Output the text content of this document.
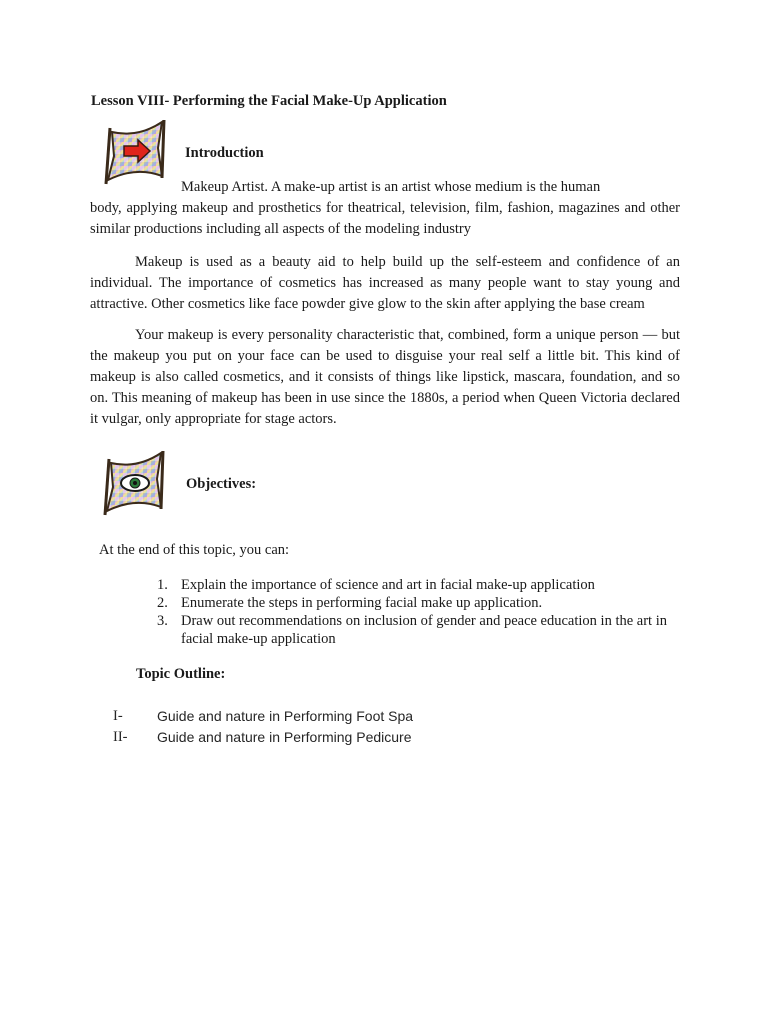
Lesson VIII- Performing the Facial Make-Up Application
Introduction
Makeup Artist. A make-up artist is an artist whose medium is the human
body, applying makeup and prosthetics for theatrical, television, film, fashion, magazines and other similar productions including all aspects of the modeling industry
Makeup is used as a beauty aid to help build up the self-esteem and confidence of an individual. The importance of cosmetics has increased as many people want to stay young and attractive. Other cosmetics like face powder give glow to the skin after applying the base cream
Your makeup is every personality characteristic that, combined, form a unique person — but the makeup you put on your face can be used to disguise your real self a little bit. This kind of makeup is also called cosmetics, and it consists of things like lipstick, mascara, foundation, and so on. This meaning of makeup has been in use since the 1880s, a period when Queen Victoria declared it vulgar, only appropriate for stage actors.
Objectives:
At the end of this topic, you can:
1. Explain the importance of science and art in facial make-up application
2. Enumerate the steps in performing facial make up application.
3. Draw out recommendations on inclusion of gender and peace education in the art in facial make-up application
Topic Outline:
I-	Guide and nature in Performing Foot Spa
II-	Guide and nature in Performing Pedicure
